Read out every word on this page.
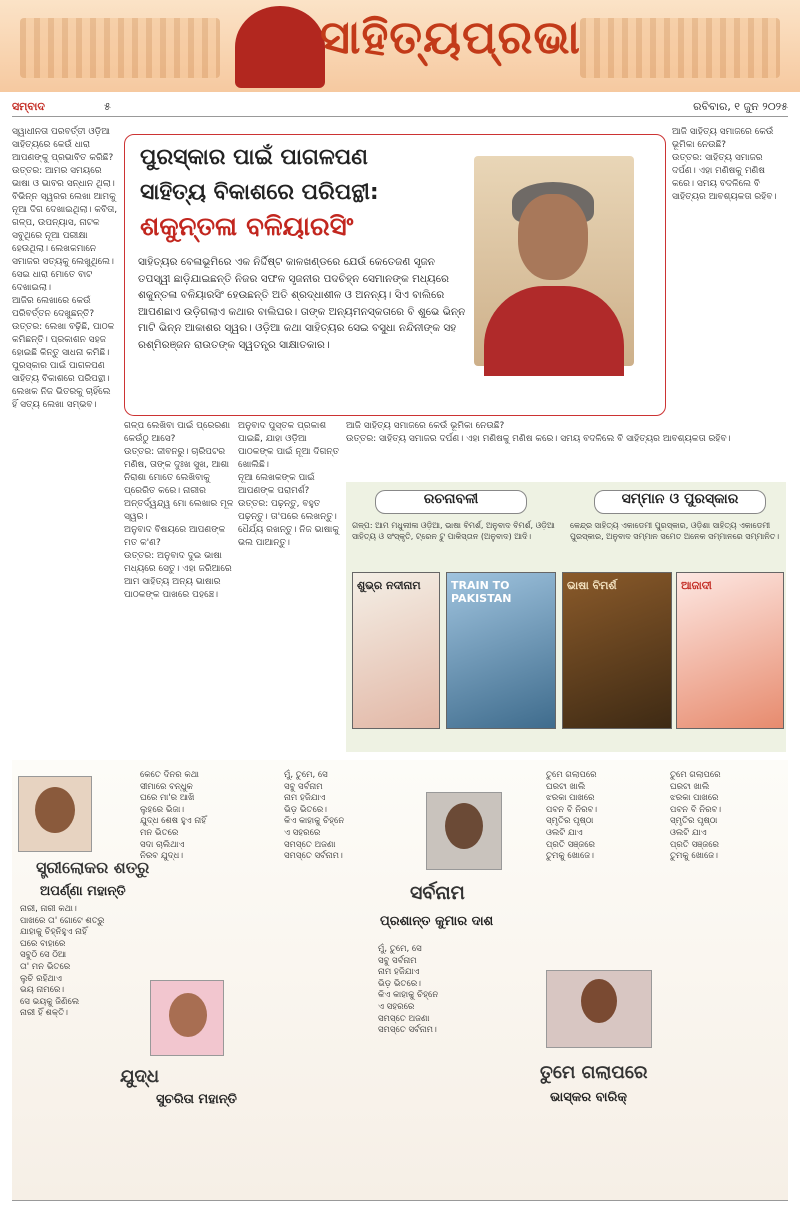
ସାହିତ୍ୟପ୍ରଭା
ସମ୍ବାଦ	୫	ରବିବାର, ୧ ଜୁନ ୨୦୨୫
ସ୍ୱାଧୀନତା ପରବର୍ତ୍ତୀ ଓଡ଼ିଆ ସାହିତ୍ୟରେ କେଉଁ ଧାରା ଆପଣଙ୍କୁ ପ୍ରଭାବିତ କରିଛି?
ଉତ୍ତର: ଆମର ସମୟରେ ଭାଷା ଓ ଭାବର ସନ୍ଧାନ ଥିଲା। ବିଭିନ୍ନ ସ୍ୱରର ଲେଖା ଆମକୁ ନୂଆ ଦିଗ ଦେଖାଇଥିଲା। କବିତା, ଗଳ୍ପ, ଉପନ୍ୟାସ, ନାଟକ ସବୁଥିରେ ନୂଆ ପରୀକ୍ଷା ହେଉଥିଲା। ଲେଖକମାନେ ସମାଜର ସତ୍ୟକୁ ଲେଖୁଥିଲେ। ସେଇ ଧାରା ମୋତେ ବାଟ ଦେଖାଇଲା।
ଆଜିର ଲେଖାରେ କେଉଁ ପରିବର୍ତ୍ତନ ଦେଖୁଛନ୍ତି?
ଉତ୍ତର: ଲେଖା ବଢ଼ିଛି, ପାଠକ କମିଛନ୍ତି। ପ୍ରକାଶନ ସହଜ ହୋଇଛି କିନ୍ତୁ ସାଧନା କମିଛି। ପୁରସ୍କାର ପାଇଁ ପାଗଳପଣ ସାହିତ୍ୟ ବିକାଶରେ ପରିପନ୍ଥୀ। ଲେଖକ ନିଜ ଭିତରକୁ ଚାହିଁଲେ ହିଁ ସତ୍ୟ ଲେଖା ସମ୍ଭବ।
ପୁରସ୍କାର ପାଇଁ ପାଗଳପଣ
ସାହିତ୍ୟ ବିକାଶରେ ପରିପନ୍ଥୀ:
ଶକୁନ୍ତଳା ବଳିୟାରସିଂ
ସାହିତ୍ୟର ବେଳାଭୂମିରେ ଏକ ନିର୍ଦ୍ଦିଷ୍ଟ କାଳଖଣ୍ଡରେ ଯେଉଁ କେତେଜଣ ସୃଜନ ତପସ୍ୱୀ ଛାଡ଼ିଯାଇଛନ୍ତି ନିଜର ସଫଳ ସୃଜନୀର ପଦଚିହ୍ନ ସେମାନଙ୍କ ମଧ୍ୟରେ ଶକୁନ୍ତଳା ବଳିୟାରସିଂ ହେଉଛନ୍ତି ଅତି ଶ୍ରଦ୍ଧାଶୀଳ ଓ ଅନନ୍ୟ। ସିଏ ବାଲିରେ ଆପଣଛାଏ ଉଡ଼ିଗଲାଏ କଥାର ବାଲିଘର। ତାଙ୍କ ଅନ୍ୟମନସ୍କତାରେ ବି ଶୁଭେ ଭିନ୍ନ ମାଟି ଭିନ୍ନ ଆକାଶର ସ୍ୱର। ଓଡ଼ିଆ କଥା ସାହିତ୍ୟର ସେଇ ବସୁଧା ନନ୍ଦିନୀଙ୍କ ସହ ରଶ୍ମିରଞ୍ଜନ ରାଉତଙ୍କ ସ୍ୱତନ୍ତ୍ର ସାକ୍ଷାତକାର।
ଆଜି ସାହିତ୍ୟ ସମାଜରେ କେଉଁ ଭୂମିକା ନେଉଛି?
ଉତ୍ତର: ସାହିତ୍ୟ ସମାଜର ଦର୍ପଣ। ଏହା ମଣିଷକୁ ମଣିଷ କରେ। ସମୟ ବଦଳିଲେ ବି ସାହିତ୍ୟର ଆବଶ୍ୟକତା ରହିବ।
ଗଳ୍ପ ଲେଖିବା ପାଇଁ ପ୍ରେରଣା କେଉଁଠୁ ଆସେ?
ଉତ୍ତର: ଜୀବନରୁ। ଚାରିପଟର ମଣିଷ, ତାଙ୍କ ଦୁଃଖ ସୁଖ, ଆଶା ନିରାଶା ମୋତେ ଲେଖିବାକୁ ପ୍ରେରିତ କରେ। ନାରୀର ଅନ୍ତର୍ଦ୍ୱନ୍ଦ୍ୱ ମୋ ଲେଖାର ମୂଳ ସ୍ୱର।
ଅନୁବାଦ ବିଷୟରେ ଆପଣଙ୍କ ମତ କ'ଣ?
ଉତ୍ତର: ଅନୁବାଦ ଦୁଇ ଭାଷା ମଧ୍ୟରେ ସେତୁ। ଏହା ଜରିଆରେ ଆମ ସାହିତ୍ୟ ଅନ୍ୟ ଭାଷାର ପାଠକଙ୍କ ପାଖରେ ପହଞ୍ଚେ।
ଅନୁବାଦ ପୁସ୍ତକ ପ୍ରକାଶ ପାଇଛି, ଯାହା ଓଡ଼ିଆ ପାଠକଙ୍କ ପାଇଁ ନୂଆ ଦିଗନ୍ତ ଖୋଲିଛି।
ନୂଆ ଲେଖକଙ୍କ ପାଇଁ ଆପଣଙ୍କ ପରାମର୍ଶ?
ଉତ୍ତର: ପଢ଼ନ୍ତୁ, ବହୁତ ପଢ଼ନ୍ତୁ। ତା'ପରେ ଲେଖନ୍ତୁ। ଧୈର୍ଯ୍ୟ ରଖନ୍ତୁ। ନିଜ ଭାଷାକୁ ଭଲ ପାଆନ୍ତୁ।
ଆଜି ସାହିତ୍ୟ ସମାଜରେ କେଉଁ ଭୂମିକା ନେଉଛି?
ଉତ୍ତର: ସାହିତ୍ୟ ସମାଜର ଦର୍ପଣ। ଏହା ମଣିଷକୁ ମଣିଷ କରେ। ସମୟ ବଦଳିଲେ ବି ସାହିତ୍ୟର ଆବଶ୍ୟକତା ରହିବ।
ରଚନାବଳୀ	ସମ୍ମାନ ଓ ପୁରସ୍କାର
ଗଳ୍ପ: ଆମ ମଧୁଲୀଳା ଓଡ଼ିଆ, ଭାଷା ବିମର୍ଶ, ଅନୁବାଦ ବିମର୍ଶ, ଓଡ଼ିଆ ସାହିତ୍ୟ ଓ ସଂସ୍କୃତି, ଟ୍ରେନ ଟୁ ପାକିସ୍ତାନ (ଅନୁବାଦ) ଆଦି।
କେନ୍ଦ୍ର ସାହିତ୍ୟ ଏକାଡେମୀ ପୁରସ୍କାର, ଓଡ଼ିଶା ସାହିତ୍ୟ ଏକାଡେମୀ ପୁରସ୍କାର, ଅନୁବାଦ ସମ୍ମାନ ସମେତ ଅନେକ ସମ୍ମାନରେ ସମ୍ମାନିତ।
ଶୁଭ୍ର ନଦୀନାମ	TRAIN TO PAKISTAN
ଭାଷା ବିମର୍ଶ	ଆଜାଦୀ
ସ୍ତ୍ରୀଲୋକର ଶତ୍ରୁ
ଅପର୍ଣ୍ଣା ମହାନ୍ତି
ନାରୀ, ନାରୀ କଥା।
ପାଖରେ ତା' ଗୋଟେ ଶତ୍ରୁ
ଯାହାକୁ ଚିହ୍ନିହୁଏ ନାହିଁ
ଘରେ ବାହାରେ
ସବୁଠି ସେ ଠିଆ
ତା' ମନ ଭିତରେ
ଲୁଚି ରହିଥାଏ
ଭୟ ନାମରେ।
ସେ ଭୟକୁ ଜିଣିଲେ
ନାରୀ ହିଁ ଶକ୍ତି।
ଯୁଦ୍ଧ
ସୁଚରିତା ମହାନ୍ତି
କେତେ ଦିନର କଥା
ସୀମାରେ ବନ୍ଧୁକ
ଘରେ ମା'ର ଆଖି
ଲୁହରେ ଭିଜା।
ଯୁଦ୍ଧ ଶେଷ ହୁଏ ନାହିଁ
ମନ ଭିତରେ
ସଦା ଚାଲିଥାଏ
ନିରବ ଯୁଦ୍ଧ।
ସର୍ବନାମ
ପ୍ରଶାନ୍ତ କୁମାର ଦାଶ
ମୁଁ, ତୁମେ, ସେ
ସବୁ ସର୍ବନାମ
ନାମ ହଜିଯାଏ
ଭିଡ଼ ଭିତରେ।
କିଏ କାହାକୁ ଚିହ୍ନେ
ଏ ସହରରେ
ସମସ୍ତେ ଅଜଣା
ସମସ୍ତେ ସର୍ବନାମ।
ମୁଁ, ତୁମେ, ସେ
ସବୁ ସର୍ବନାମ
ନାମ ହଜିଯାଏ
ଭିଡ଼ ଭିତରେ।
କିଏ କାହାକୁ ଚିହ୍ନେ
ଏ ସହରରେ
ସମସ୍ତେ ଅଜଣା
ସମସ୍ତେ ସର୍ବନାମ।
ତୁମେ ଗଲାପରେ
ଭାସ୍କର ବାରିକ୍
ତୁମେ ଗଲାପରେ
ଘରଟା ଖାଲି
ଝରକା ପାଖରେ
ପବନ ବି ନିରବ।
ସ୍ମୃତିର ପୃଷ୍ଠା
ଓଲଟି ଯାଏ
ପ୍ରତି ସଞ୍ଜରେ
ତୁମକୁ ଖୋଜେ।
ତୁମେ ଗଲାପରେ
ଘରଟା ଖାଲି
ଝରକା ପାଖରେ
ପବନ ବି ନିରବ।
ସ୍ମୃତିର ପୃଷ୍ଠା
ଓଲଟି ଯାଏ
ପ୍ରତି ସଞ୍ଜରେ
ତୁମକୁ ଖୋଜେ।
